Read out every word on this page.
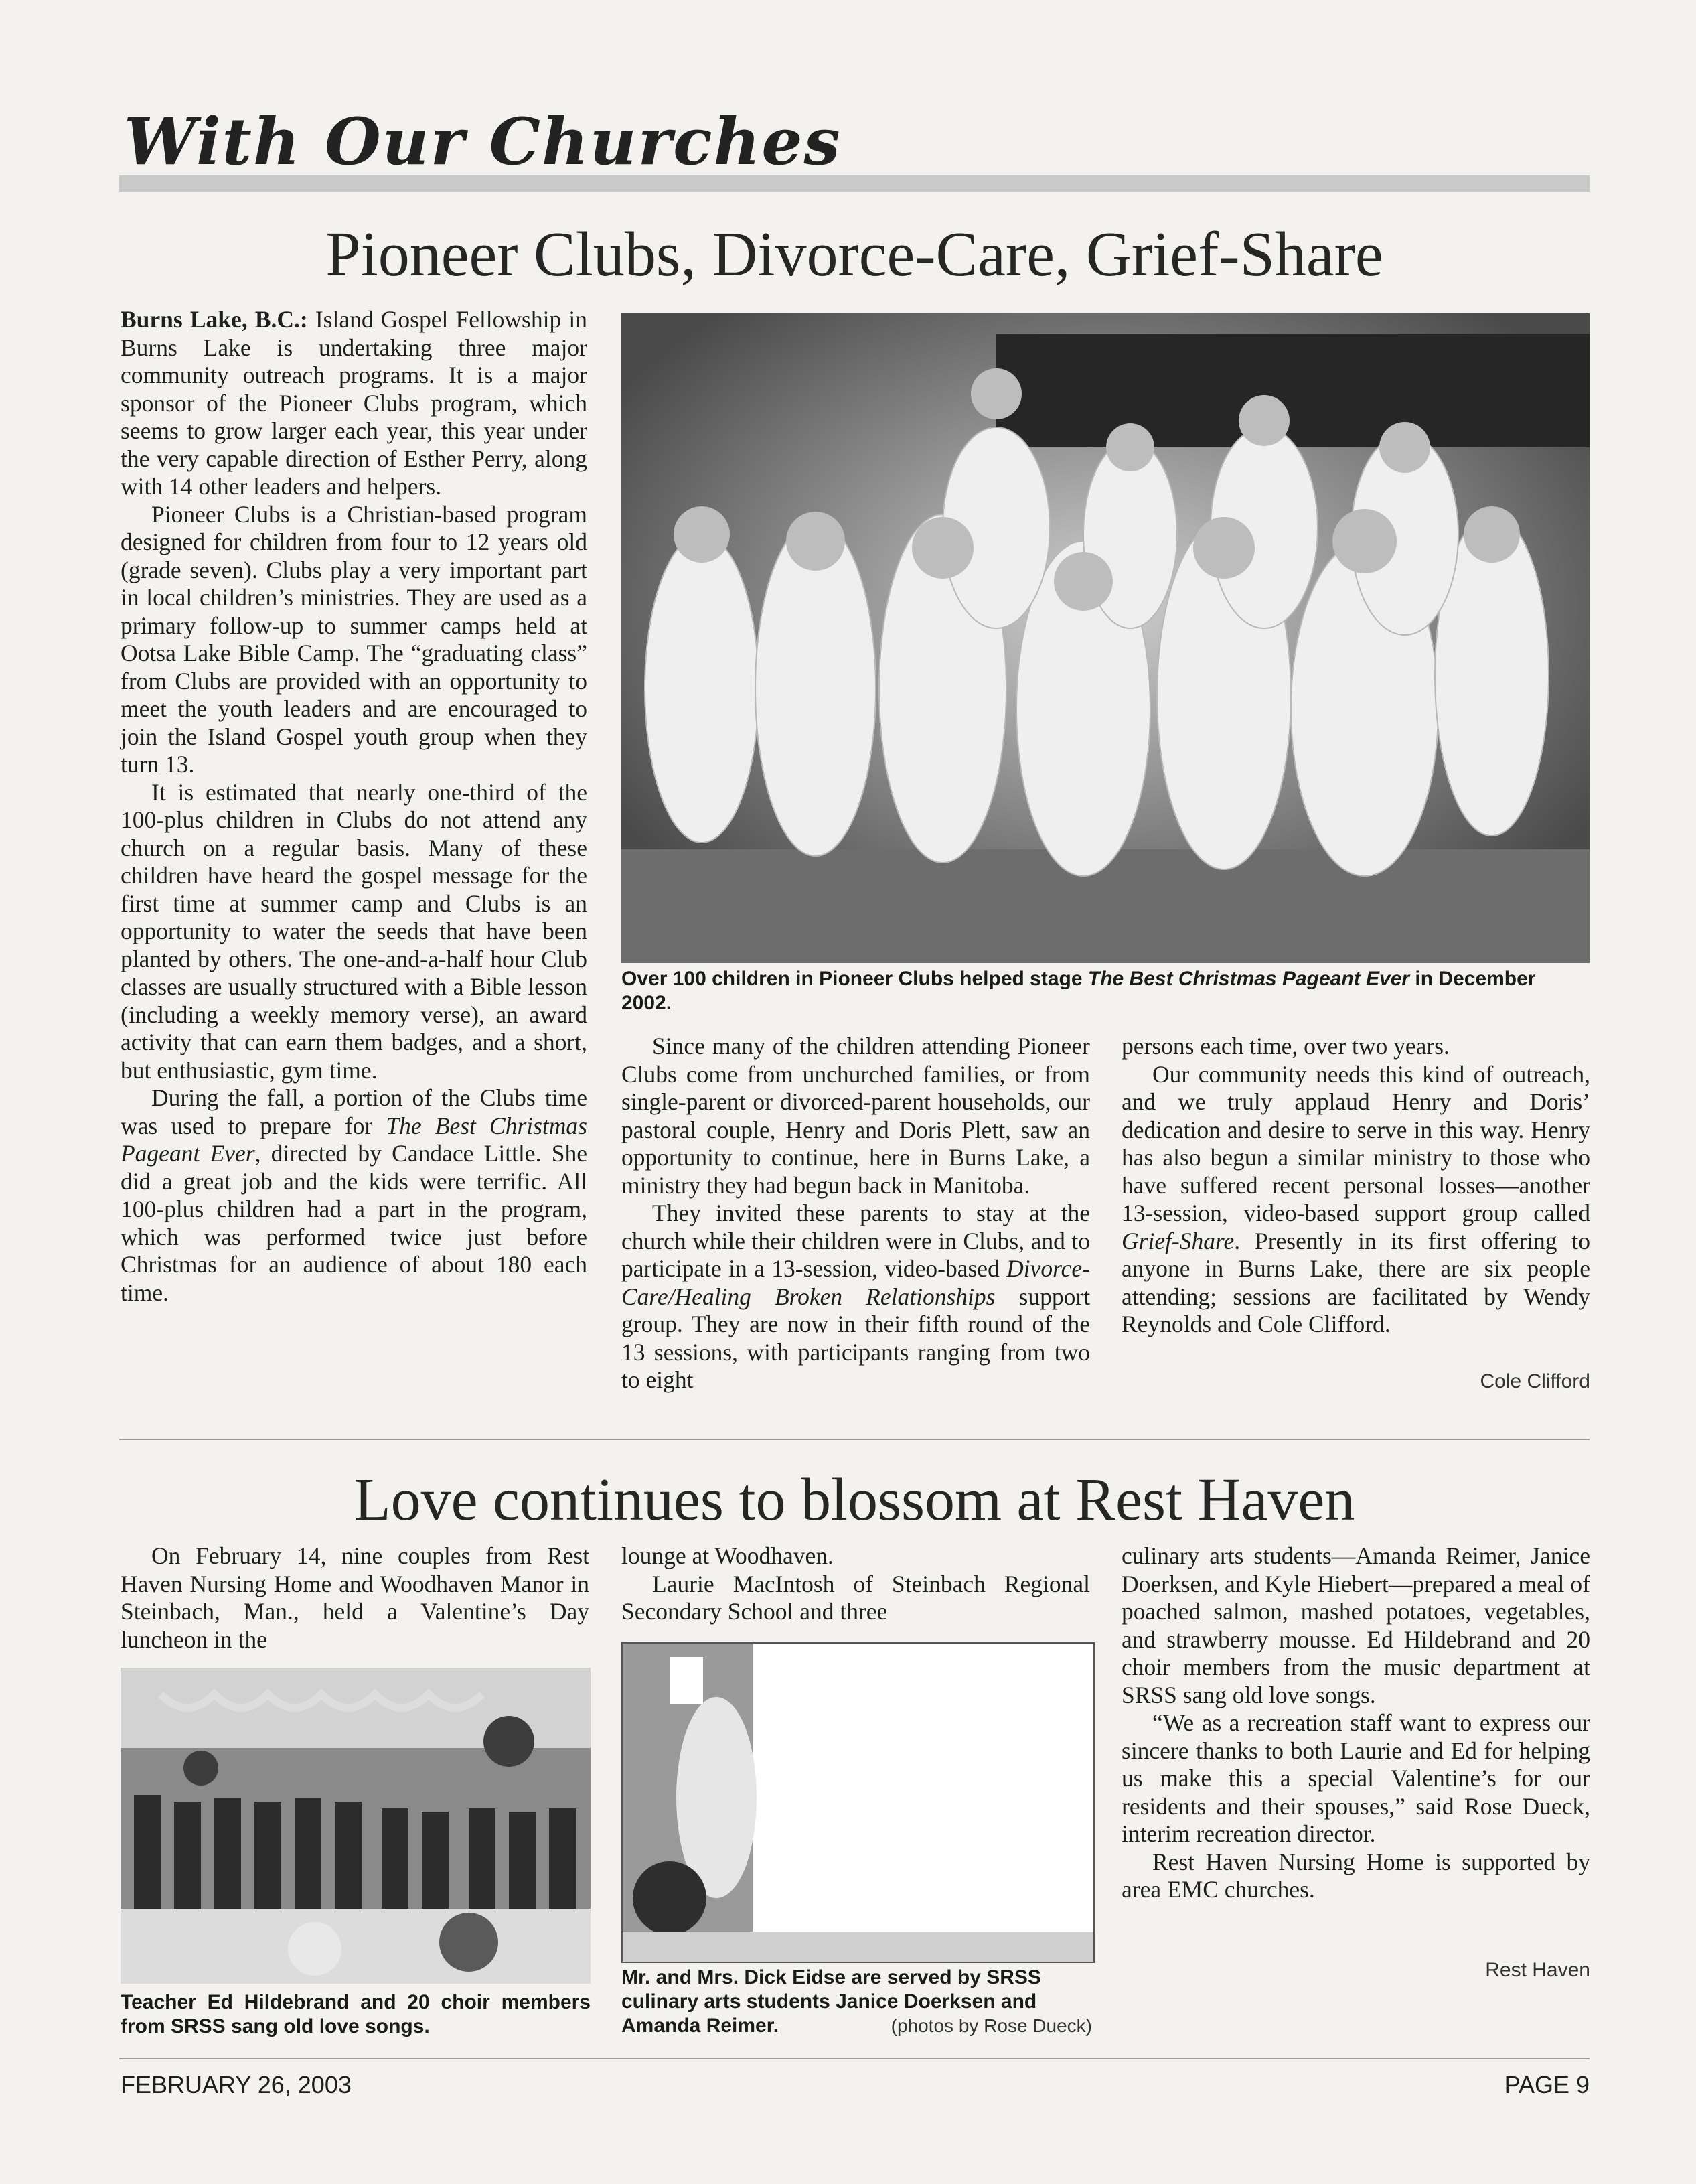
With Our Churches
Pioneer Clubs, Divorce-Care, Grief-Share

Burns Lake, B.C.: Island Gospel Fellowship in Burns Lake is undertaking three major community outreach programs. It is a major sponsor of the Pioneer Clubs program, which seems to grow larger each year, this year under the very capable direction of Esther Perry, along with 14 other leaders and helpers.

Pioneer Clubs is a Christian-based program designed for children from four to 12 years old (grade seven). Clubs play a very important part in local children’s ministries. They are used as a primary follow-up to summer camps held at Ootsa Lake Bible Camp. The “graduating class” from Clubs are provided with an opportunity to meet the youth leaders and are encouraged to join the Island Gospel youth group when they turn 13.

It is estimated that nearly one-third of the 100-plus children in Clubs do not attend any church on a regular basis. Many of these children have heard the gospel message for the first time at summer camp and Clubs is an opportunity to water the seeds that have been planted by others. The one-and-a-half hour Club classes are usually structured with a Bible lesson (including a weekly memory verse), an award activity that can earn them badges, and a short, but enthusiastic, gym time.

During the fall, a portion of the Clubs time was used to prepare for The Best Christmas Pageant Ever, directed by Candace Little. She did a great job and the kids were terrific. All 100-plus children had a part in the program, which was performed twice just before Christmas for an audience of about 180 each time.

Over 100 children in Pioneer Clubs helped stage The Best Christmas Pageant Ever in December 2002.

Since many of the children attending Pioneer Clubs come from unchurched families, or from single-parent or divorced-parent households, our pastoral couple, Henry and Doris Plett, saw an opportunity to continue, here in Burns Lake, a ministry they had begun back in Manitoba.

They invited these parents to stay at the church while their children were in Clubs, and to participate in a 13-session, video-based Divorce-Care/Healing Broken Relationships support group. They are now in their fifth round of the 13 sessions, with participants ranging from two to eight

persons each time, over two years.

Our community needs this kind of outreach, and we truly applaud Henry and Doris’ dedication and desire to serve in this way. Henry has also begun a similar ministry to those who have suffered recent personal losses—another 13-session, video-based support group called Grief-Share. Presently in its first offering to anyone in Burns Lake, there are six people attending; sessions are facilitated by Wendy Reynolds and Cole Clifford.

Cole Clifford
Love continues to blossom at Rest Haven

On February 14, nine couples from Rest Haven Nursing Home and Woodhaven Manor in Steinbach, Man., held a Valentine’s Day luncheon in the

Teacher Ed Hildebrand and 20 choir members from SRSS sang old love songs.

lounge at Woodhaven.

Laurie MacIntosh of Steinbach Regional Secondary School and three

Mr. and Mrs. Dick Eidse are served by SRSS culinary arts students Janice Doerksen and Amanda Reimer.	(photos by Rose Dueck)

culinary arts students—Amanda Reimer, Janice Doerksen, and Kyle Hiebert—prepared a meal of poached salmon, mashed potatoes, vegetables, and strawberry mousse. Ed Hildebrand and 20 choir members from the music department at SRSS sang old love songs.

“We as a recreation staff want to express our sincere thanks to both Laurie and Ed for helping us make this a special Valentine’s for our residents and their spouses,” said Rose Dueck, interim recreation director.

Rest Haven Nursing Home is supported by area EMC churches.

Rest Haven
FEBRUARY 26, 2003	PAGE 9
